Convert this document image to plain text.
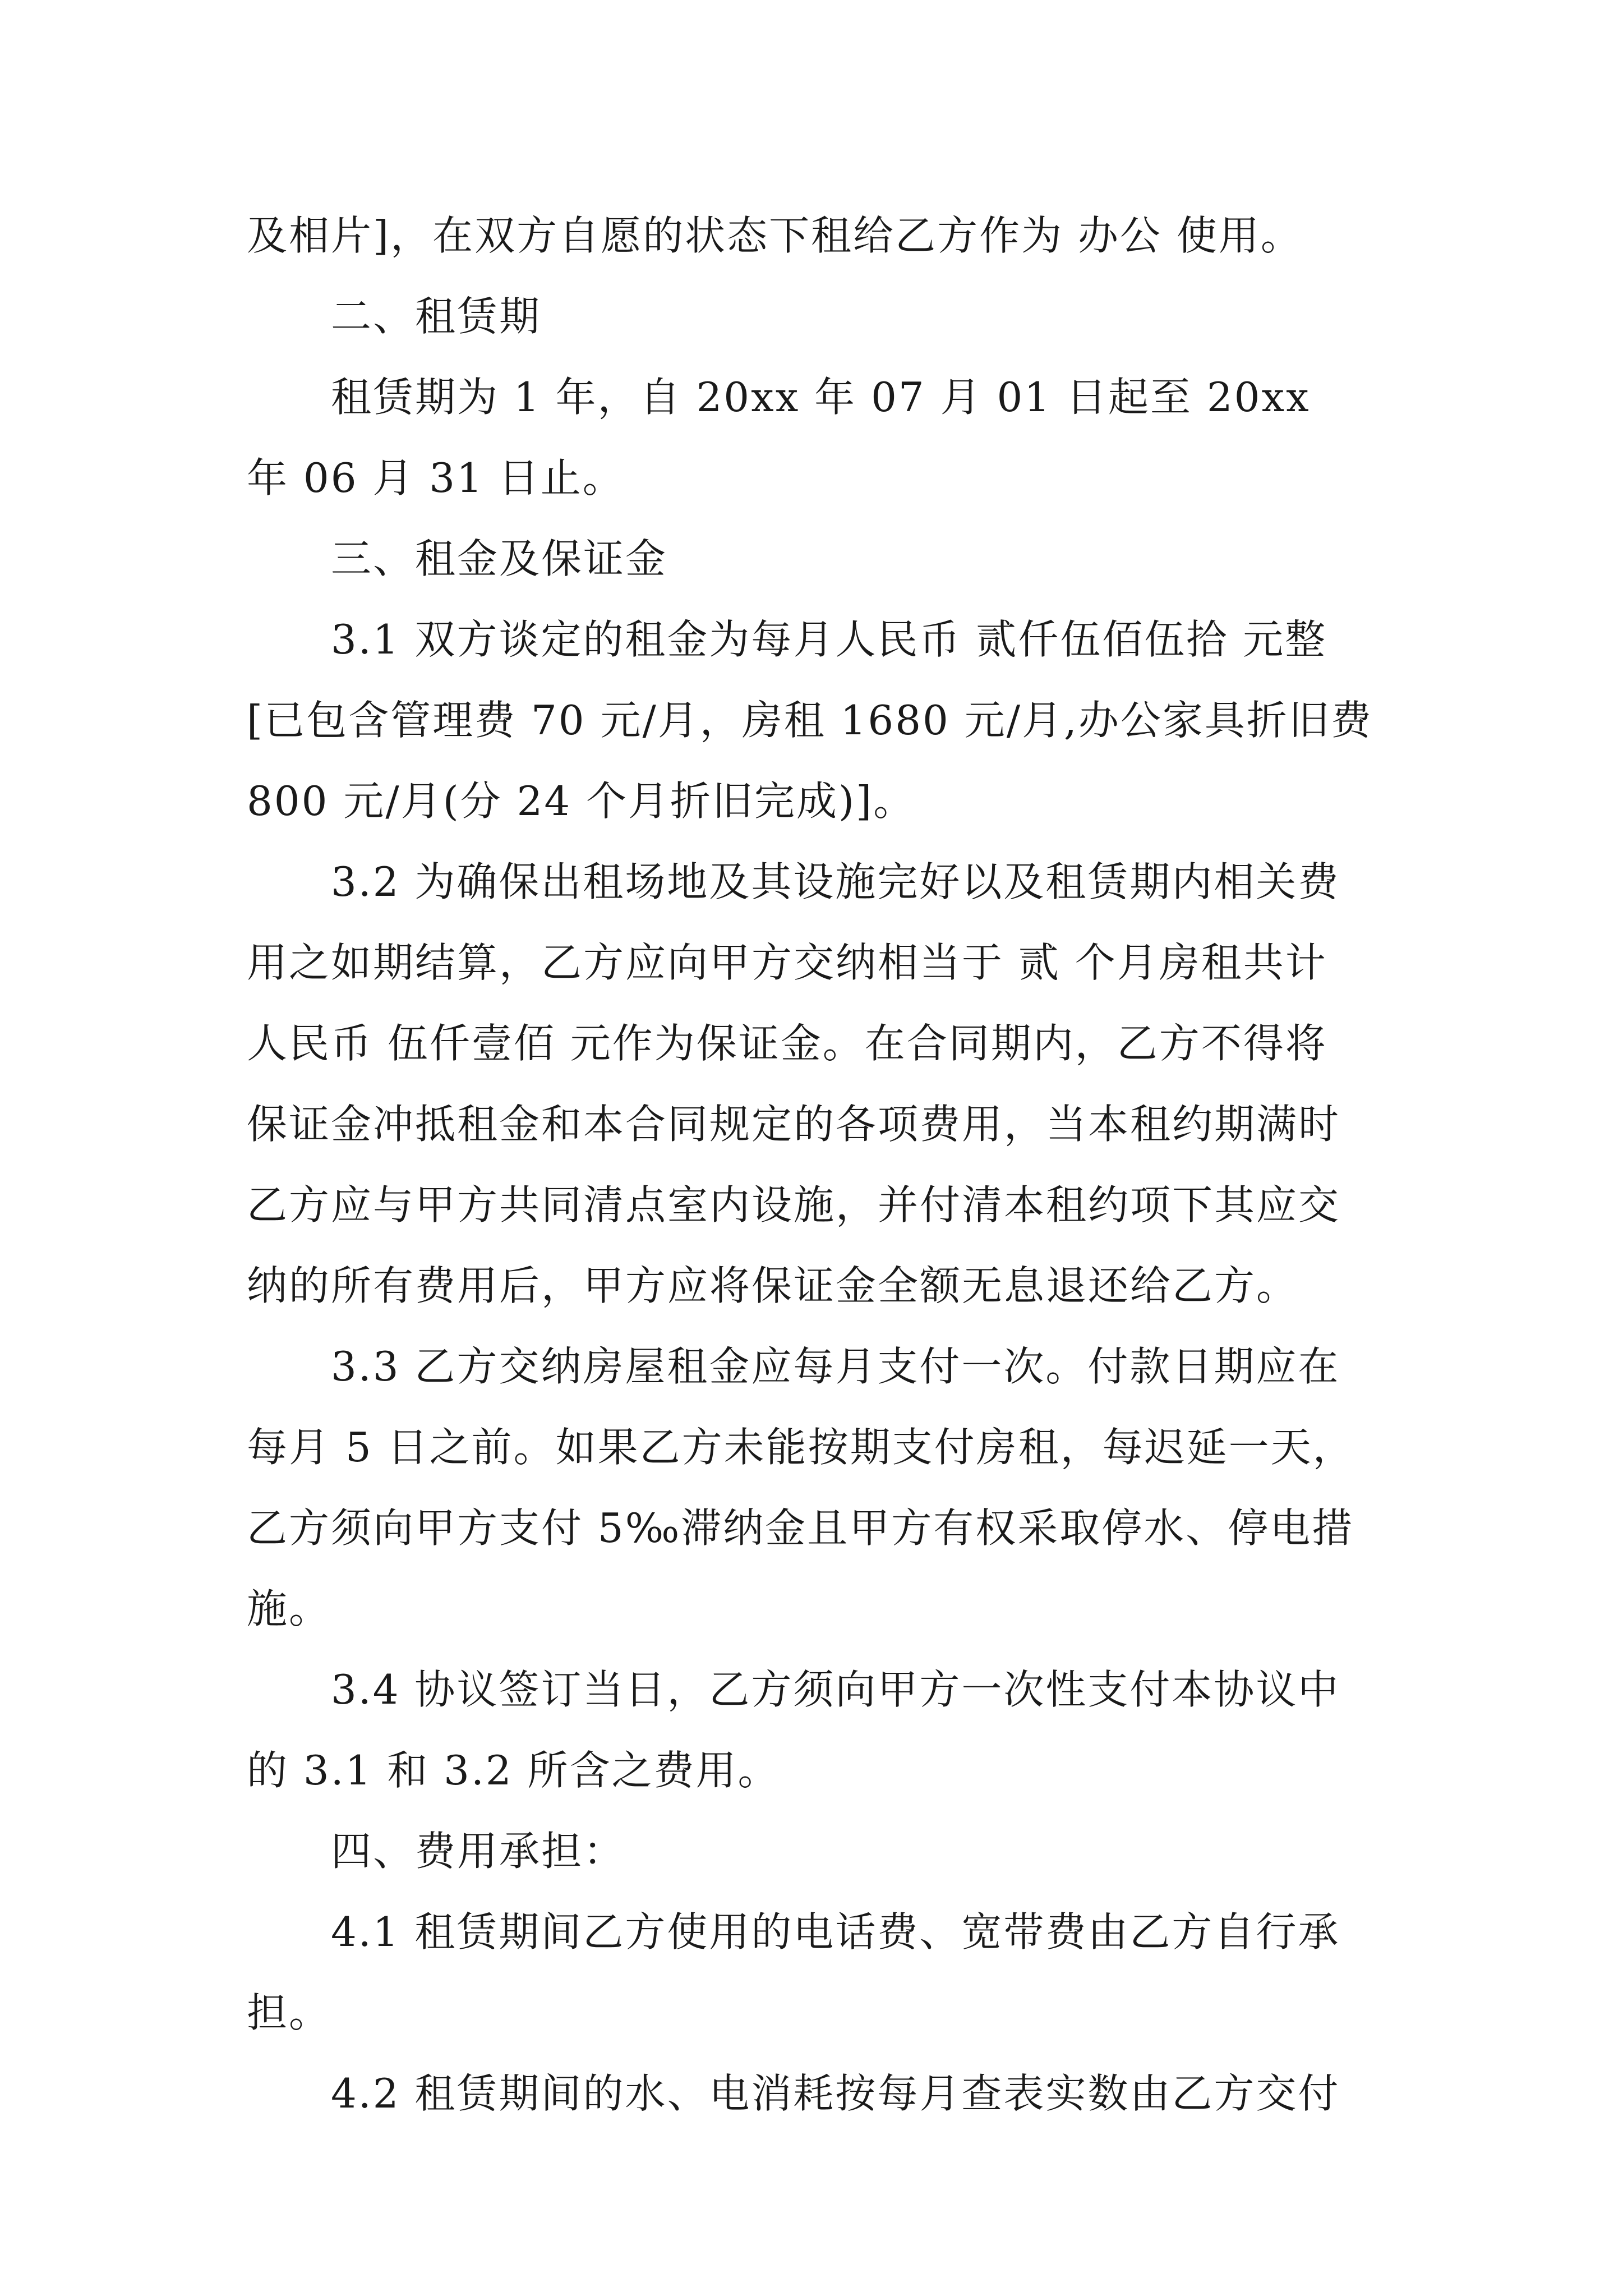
及相片]，在双方自愿的状态下租给乙方作为 办公 使用。
二、租赁期
租赁期为 1 年，自 20xx 年 07 月 01 日起至 20xx
年 06 月 31 日止。
三、租金及保证金
3.1 双方谈定的租金为每月人民币 贰仟伍佰伍拾 元整
[已包含管理费 70 元/月，房租 1680 元/月,办公家具折旧费
800 元/月(分 24 个月折旧完成)]。
3.2 为确保出租场地及其设施完好以及租赁期内相关费
用之如期结算，乙方应向甲方交纳相当于 贰 个月房租共计
人民币 伍仟壹佰 元作为保证金。在合同期内，乙方不得将
保证金冲抵租金和本合同规定的各项费用，当本租约期满时
乙方应与甲方共同清点室内设施，并付清本租约项下其应交
纳的所有费用后，甲方应将保证金全额无息退还给乙方。
3.3 乙方交纳房屋租金应每月支付一次。付款日期应在
每月 5 日之前。如果乙方未能按期支付房租，每迟延一天，
乙方须向甲方支付 5‰滞纳金且甲方有权采取停水、停电措
施。
3.4 协议签订当日，乙方须向甲方一次性支付本协议中
的 3.1 和 3.2 所含之费用。
四、费用承担：
4.1 租赁期间乙方使用的电话费、宽带费由乙方自行承
担。
4.2 租赁期间的水、电消耗按每月查表实数由乙方交付
